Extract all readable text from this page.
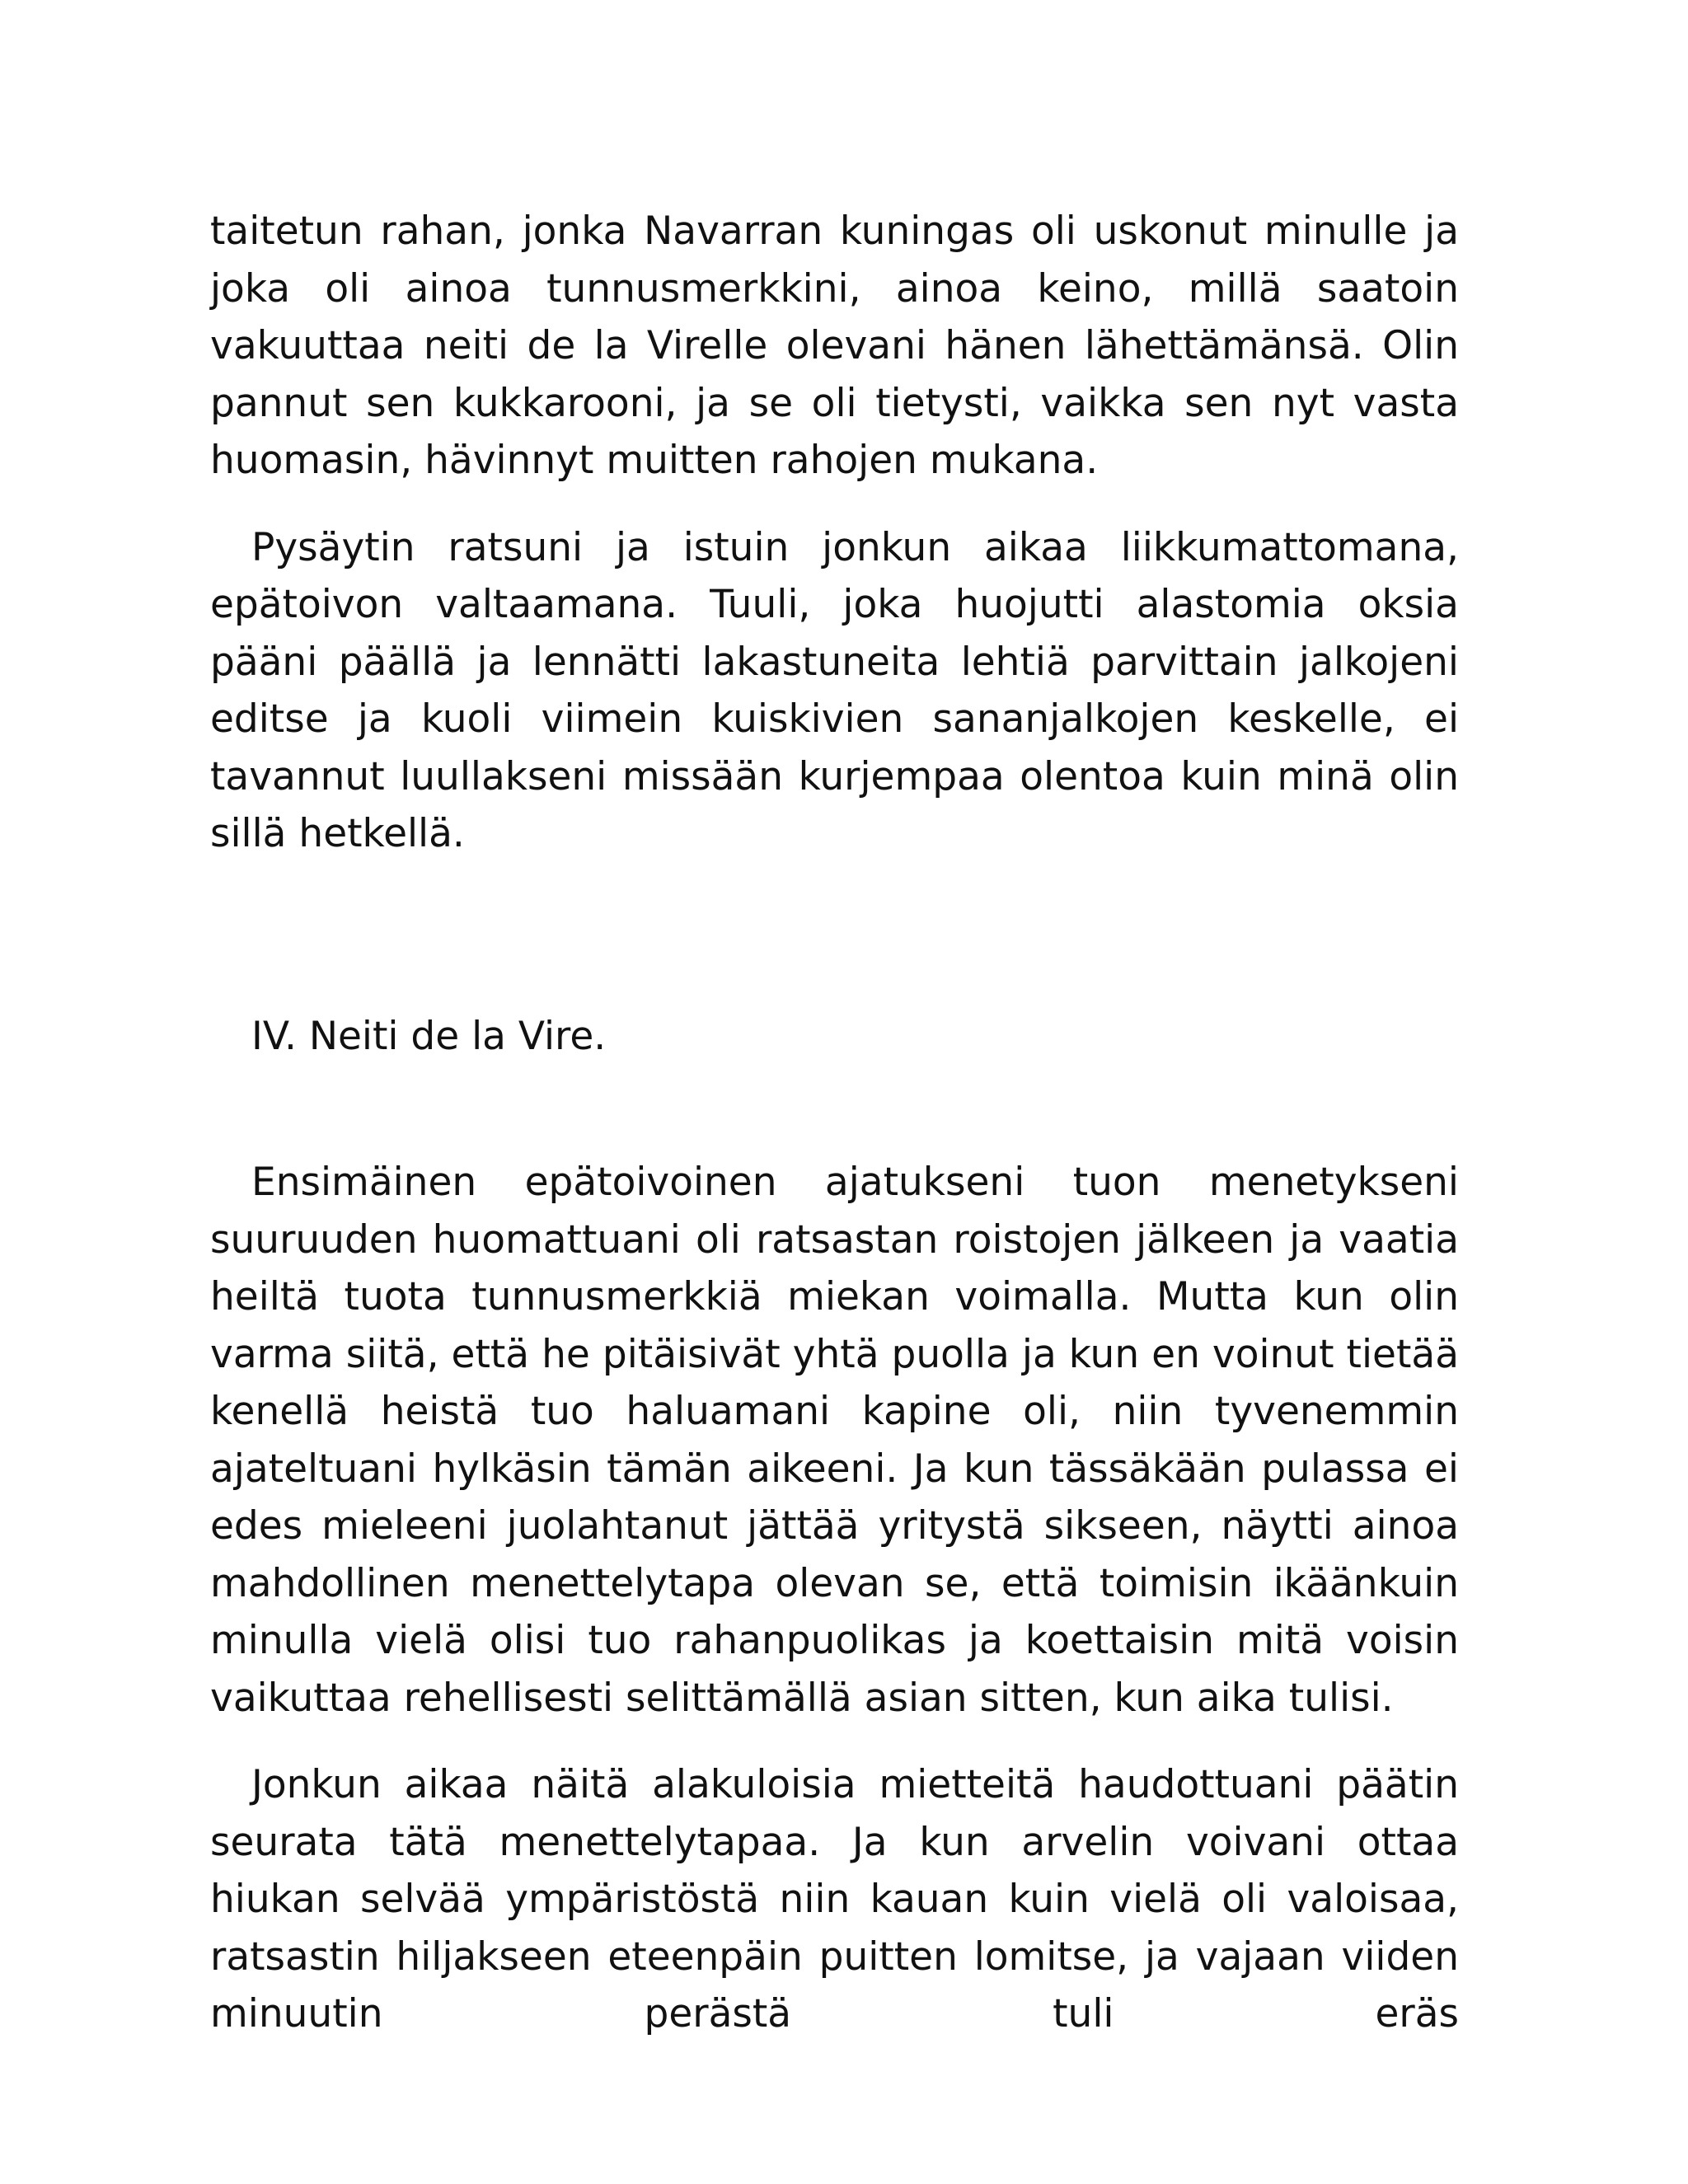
taitetun rahan, jonka Navarran kuningas oli uskonut minulle ja joka oli ainoa tunnusmerkkini, ainoa keino, millä saatoin vakuuttaa neiti de la Virelle olevani hänen lähettämänsä. Olin pannut sen kukkarooni, ja se oli tietysti, vaikka sen nyt vasta huomasin, hävinnyt muitten rahojen mukana.

Pysäytin ratsuni ja istuin jonkun aikaa liikkumattomana, epätoivon valtaamana. Tuuli, joka huojutti alastomia oksia pääni päällä ja lennätti lakastuneita lehtiä parvittain jalkojeni editse ja kuoli viimein kuiskivien sananjalkojen keskelle, ei tavannut luullakseni missään kurjempaa olentoa kuin minä olin sillä hetkellä.

IV. Neiti de la Vire.

Ensimäinen epätoivoinen ajatukseni tuon menetykseni suuruuden huomattuani oli ratsastan roistojen jälkeen ja vaatia heiltä tuota tunnusmerkkiä miekan voimalla. Mutta kun olin varma siitä, että he pitäisivät yhtä puolla ja kun en voinut tietää kenellä heistä tuo haluamani kapine oli, niin tyvenemmin ajateltuani hylkäsin tämän aikeeni. Ja kun tässäkään pulassa ei edes mieleeni juolahtanut jättää yritystä sikseen, näytti ainoa mahdollinen menettelytapa olevan se, että toimisin ikäänkuin minulla vielä olisi tuo rahanpuolikas ja koettaisin mitä voisin vaikuttaa rehellisesti selittämällä asian sitten, kun aika tulisi.

Jonkun aikaa näitä alakuloisia mietteitä haudottuani päätin seurata tätä menettelytapaa. Ja kun arvelin voivani ottaa hiukan selvää ympäristöstä niin kauan kuin vielä oli valoisaa, ratsastin hiljakseen eteenpäin puitten lomitse, ja vajaan viiden minuutin perästä tuli eräs
